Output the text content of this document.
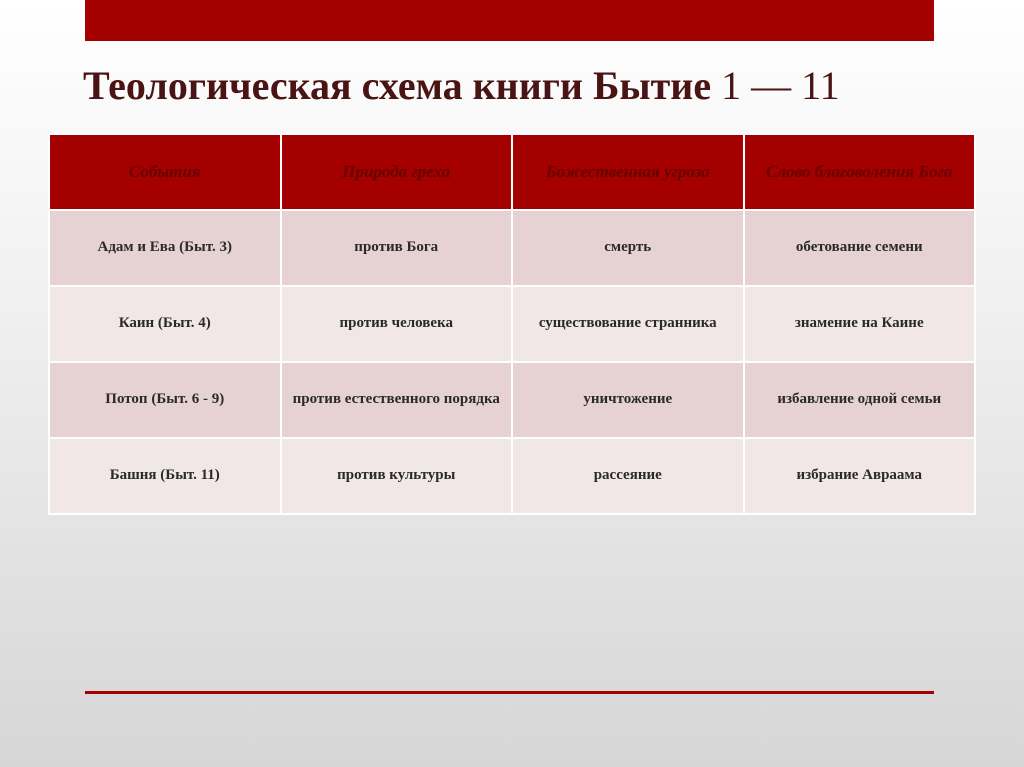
Теологическая схема книги Бытие 1 — 11
События	Природа греха	Божественная угроза	Слово благоволения Бога
Адам и Ева (Быт. 3)	против Бога	смерть	обетование семени
Каин (Быт. 4)	против человека	существование странника	знамение на Каине
Потоп (Быт. 6 - 9)	против естественного порядка	уничтожение	избавление одной семьи
Башня (Быт. 11)	против культуры	рассеяние	избрание Авраама
